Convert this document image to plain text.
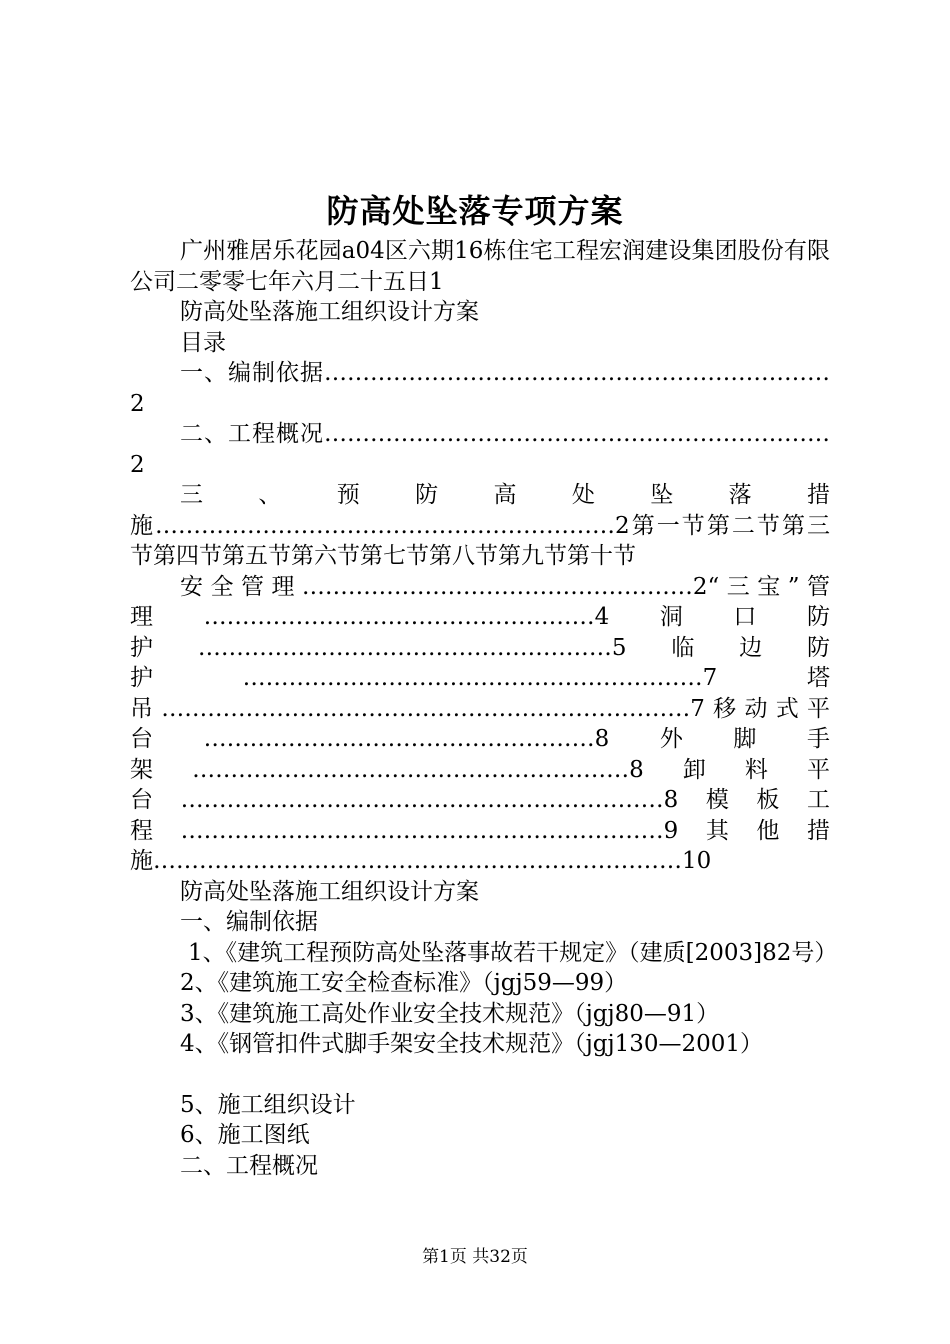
防高处坠落专项方案

广州雅居乐花园a04区六期16栋住宅工程宏润建设集团股份有限公司二零零七年六月二十五日1

防高处坠落施工组织设计方案

目录

一、编制依据…………………………………………………………2

二、工程概况…………………………………………………………2

三、预防高处坠落措施……………………………………………………2第一节第二节第三节第四节第五节第六节第七节第八节第九节第十节

安全管理……………………………………………2“三宝”管理……………………………………………4洞口防护………………………………………………5临边防护……………………………………………………7塔吊……………………………………………………………7移动式平台……………………………………………8外脚手架…………………………………………………8卸料平台………………………………………………………8模板工程………………………………………………………9其他措施……………………………………………………………10

防高处坠落施工组织设计方案

一、编制依据

1、《建筑工程预防高处坠落事故若干规定》（建质[2003]82号）

2、《建筑施工安全检查标准》（jgj59—99）

3、《建筑施工高处作业安全技术规范》（jgj80—91）

4、《钢管扣件式脚手架安全技术规范》（jgj130—2001）

5、施工组织设计

6、施工图纸

二、工程概况

第1页 共32页
